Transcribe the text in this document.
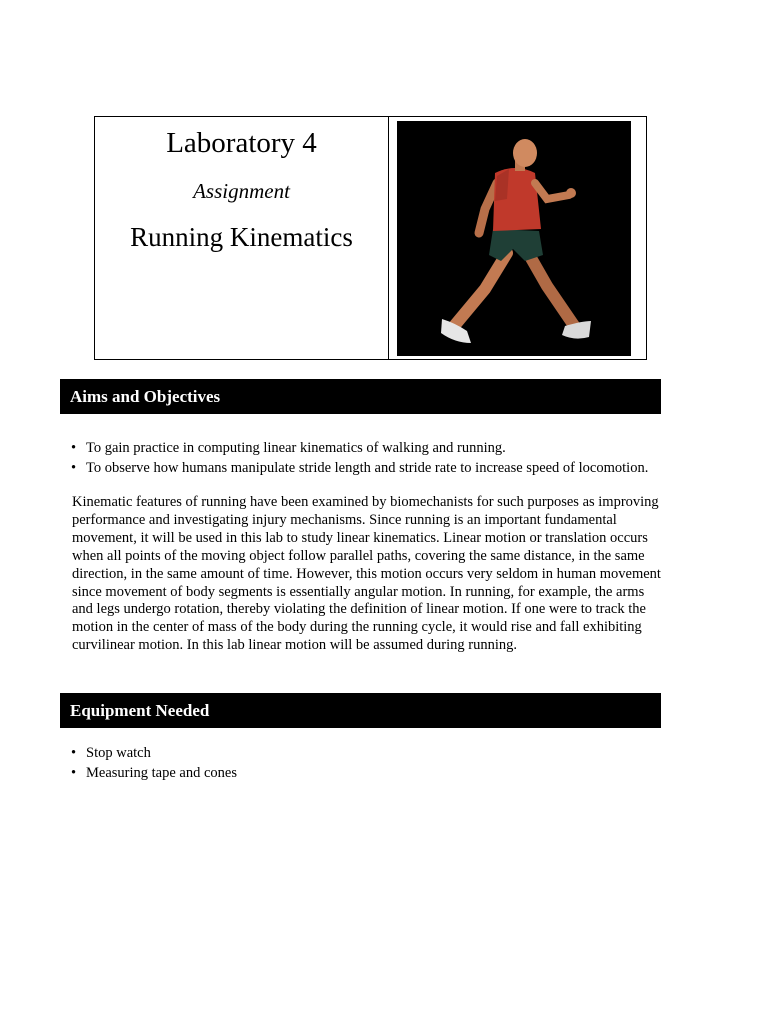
Laboratory 4
Assignment
Running Kinematics
Aims and Objectives
• To gain practice in computing linear kinematics of walking and running.
• To observe how humans manipulate stride length and stride rate to increase speed of locomotion.

Kinematic features of running have been examined by biomechanists for such purposes as improving
performance and investigating injury mechanisms. Since running is an important fundamental
movement, it will be used in this lab to study linear kinematics. Linear motion or translation occurs
when all points of the moving object follow parallel paths, covering the same distance, in the same
direction, in the same amount of time. However, this motion occurs very seldom in human movement
since movement of body segments is essentially angular motion. In running, for example, the arms
and legs undergo rotation, thereby violating the definition of linear motion. If one were to track the
motion in the center of mass of the body during the running cycle, it would rise and fall exhibiting
curvilinear motion. In this lab linear motion will be assumed during running.

Equipment Needed
• Stop watch
• Measuring tape and cones
